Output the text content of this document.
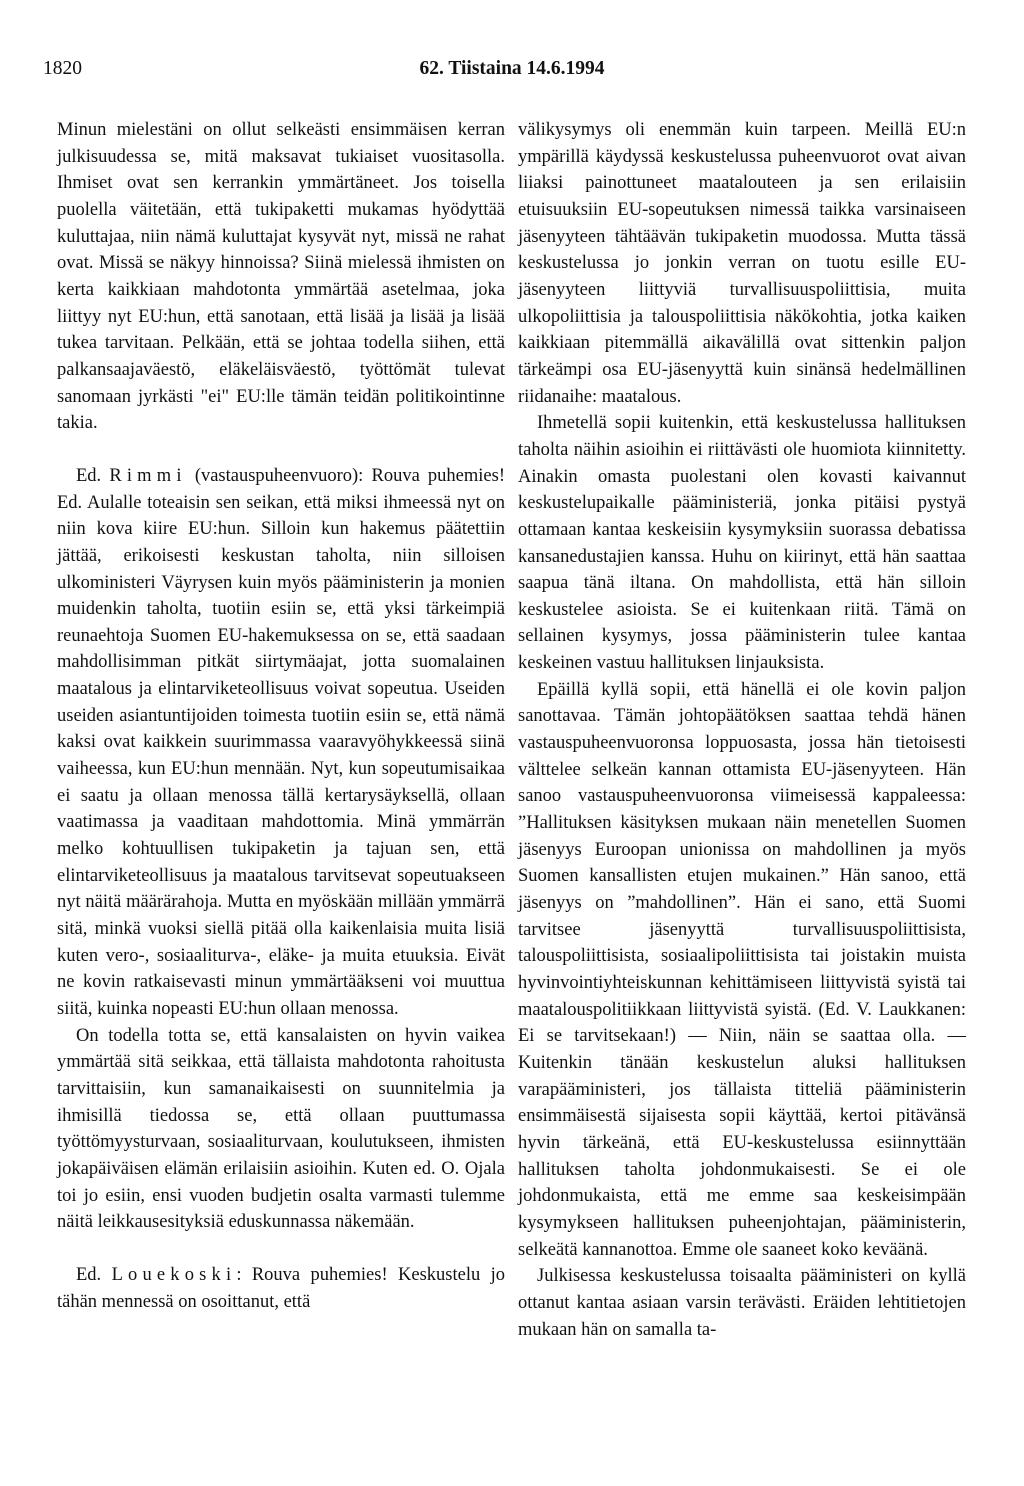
1820	62. Tiistaina 14.6.1994

Minun mielestäni on ollut selkeästi ensimmäisen kerran julkisuudessa se, mitä maksavat tukiaiset vuositasolla. Ihmiset ovat sen kerrankin ymmärtäneet. Jos toisella puolella väitetään, että tukipaketti mukamas hyödyttää kuluttajaa, niin nämä kuluttajat kysyvät nyt, missä ne rahat ovat. Missä se näkyy hinnoissa? Siinä mielessä ihmisten on kerta kaikkiaan mahdotonta ymmärtää asetelmaa, joka liittyy nyt EU:hun, että sanotaan, että lisää ja lisää ja lisää tukea tarvitaan. Pelkään, että se johtaa todella siihen, että palkansaajaväestö, eläkeläisväestö, työttömät tulevat sanomaan jyrkästi "ei" EU:lle tämän teidän politikointinne takia.

Ed. Rimmi (vastauspuheenvuoro): Rouva puhemies! Ed. Aulalle toteaisin sen seikan, että miksi ihmeessä nyt on niin kova kiire EU:hun. Silloin kun hakemus päätettiin jättää, erikoisesti keskustan taholta, niin silloisen ulkoministeri Väyrysen kuin myös pääministerin ja monien muidenkin taholta, tuotiin esiin se, että yksi tärkeimpiä reunaehtoja Suomen EU-hakemuksessa on se, että saadaan mahdollisimman pitkät siirtymäajat, jotta suomalainen maatalous ja elintarviketeollisuus voivat sopeutua. Useiden useiden asiantuntijoiden toimesta tuotiin esiin se, että nämä kaksi ovat kaikkein suurimmassa vaaravyöhykkeessä siinä vaiheessa, kun EU:hun mennään. Nyt, kun sopeutumisaikaa ei saatu ja ollaan menossa tällä kertarysäyksellä, ollaan vaatimassa ja vaaditaan mahdottomia. Minä ymmärrän melko kohtuullisen tukipaketin ja tajuan sen, että elintarviketeollisuus ja maatalous tarvitsevat sopeutuakseen nyt näitä määrärahoja. Mutta en myöskään millään ymmärrä sitä, minkä vuoksi siellä pitää olla kaikenlaisia muita lisiä kuten vero-, sosiaaliturva-, eläke- ja muita etuuksia. Eivät ne kovin ratkaisevasti minun ymmärtääkseni voi muuttua siitä, kuinka nopeasti EU:hun ollaan menossa.

On todella totta se, että kansalaisten on hyvin vaikea ymmärtää sitä seikkaa, että tällaista mahdotonta rahoitusta tarvittaisiin, kun samanaikaisesti on suunnitelmia ja ihmisillä tiedossa se, että ollaan puuttumassa työttömyysturvaan, sosiaaliturvaan, koulutukseen, ihmisten jokapäiväisen elämän erilaisiin asioihin. Kuten ed. O. Ojala toi jo esiin, ensi vuoden budjetin osalta varmasti tulemme näitä leikkausesityksiä eduskunnassa näkemään.

Ed. Louekoski: Rouva puhemies! Keskustelu jo tähän mennessä on osoittanut, että

välikysymys oli enemmän kuin tarpeen. Meillä EU:n ympärillä käydyssä keskustelussa puheenvuorot ovat aivan liiaksi painottuneet maatalouteen ja sen erilaisiin etuisuuksiin EU-sopeutuksen nimessä taikka varsinaiseen jäsenyyteen tähtäävän tukipaketin muodossa. Mutta tässä keskustelussa jo jonkin verran on tuotu esille EU-jäsenyyteen liittyviä turvallisuuspoliittisia, muita ulkopoliittisia ja talouspoliittisia näkökohtia, jotka kaiken kaikkiaan pitemmällä aikavälillä ovat sittenkin paljon tärkeämpi osa EU-jäsenyyttä kuin sinänsä hedelmällinen riidanaihe: maatalous.

Ihmetellä sopii kuitenkin, että keskustelussa hallituksen taholta näihin asioihin ei riittävästi ole huomiota kiinnitetty. Ainakin omasta puolestani olen kovasti kaivannut keskustelupaikalle pääministeriä, jonka pitäisi pystyä ottamaan kantaa keskeisiin kysymyksiin suorassa debatissa kansanedustajien kanssa. Huhu on kiirinyt, että hän saattaa saapua tänä iltana. On mahdollista, että hän silloin keskustelee asioista. Se ei kuitenkaan riitä. Tämä on sellainen kysymys, jossa pääministerin tulee kantaa keskeinen vastuu hallituksen linjauksista.

Epäillä kyllä sopii, että hänellä ei ole kovin paljon sanottavaa. Tämän johtopäätöksen saattaa tehdä hänen vastauspuheenvuoronsa loppuosasta, jossa hän tietoisesti välttelee selkeän kannan ottamista EU-jäsenyyteen. Hän sanoo vastauspuheenvuoronsa viimeisessä kappaleessa: ”Hallituksen käsityksen mukaan näin menetellen Suomen jäsenyys Euroopan unionissa on mahdollinen ja myös Suomen kansallisten etujen mukainen.” Hän sanoo, että jäsenyys on ”mahdollinen”. Hän ei sano, että Suomi tarvitsee jäsenyyttä turvallisuuspoliittisista, talouspoliittisista, sosiaalipoliittisista tai joistakin muista hyvinvointiyhteiskunnan kehittämiseen liittyvistä syistä tai maatalouspolitiikkaan liittyvistä syistä. (Ed. V. Laukkanen: Ei se tarvitsekaan!) — Niin, näin se saattaa olla. — Kuitenkin tänään keskustelun aluksi hallituksen varapääministeri, jos tällaista titteliä pääministerin ensimmäisestä sijaisesta sopii käyttää, kertoi pitävänsä hyvin tärkeänä, että EU-keskustelussa esiinnyttään hallituksen taholta johdonmukaisesti. Se ei ole johdonmukaista, että me emme saa keskeisimpään kysymykseen hallituksen puheenjohtajan, pääministerin, selkeätä kannanottoa. Emme ole saaneet koko keväänä.

Julkisessa keskustelussa toisaalta pääministeri on kyllä ottanut kantaa asiaan varsin terävästi. Eräiden lehtitietojen mukaan hän on samalla ta-
